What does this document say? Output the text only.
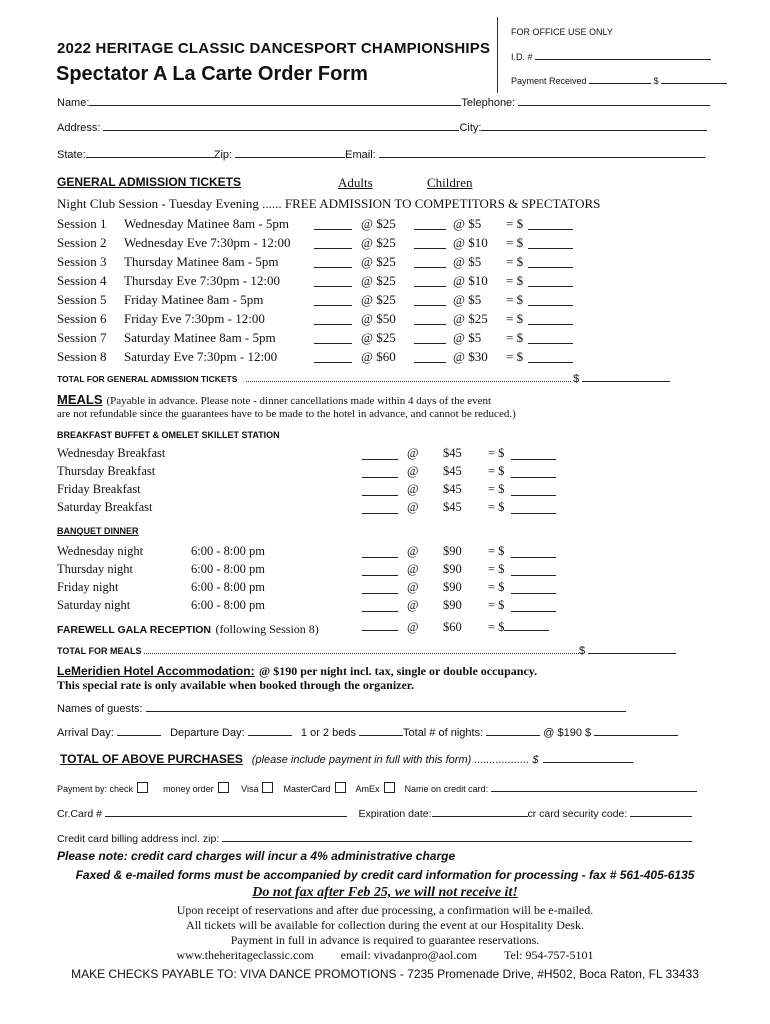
FOR OFFICE USE ONLY
I.D. #
Payment Received	$
2022 HERITAGE CLASSIC DANCESPORT CHAMPIONSHIPS
Spectator A La Carte Order Form
Name:	Telephone:
Address:	City:
State:	Zip:	Email:
GENERAL ADMISSION TICKETS	Adults	Children
Night Club Session - Tuesday Evening ...... FREE ADMISSION TO COMPETITORS & SPECTATORS
Session 1 Wednesday Matinee 8am - 5pm	@ $25	@ $5 = $
Session 2 Wednesday Eve 7:30pm - 12:00	@ $25	@ $10 = $
Session 3 Thursday Matinee 8am - 5pm	@ $25	@ $5 = $
Session 4 Thursday Eve 7:30pm - 12:00	@ $25	@ $10 = $
Session 5 Friday Matinee 8am - 5pm	@ $25	@ $5 = $
Session 6 Friday Eve 7:30pm - 12:00	@ $50	@ $25 = $
Session 7 Saturday Matinee 8am - 5pm	@ $25	@ $5 = $
Session 8 Saturday Eve 7:30pm - 12:00	@ $60	@ $30 = $
TOTAL FOR GENERAL ADMISSION TICKETS	$
MEALS (Payable in advance. Please note - dinner cancellations made within 4 days of the event
are not refundable since the guarantees have to be made to the hotel in advance, and cannot be reduced.)
BREAKFAST BUFFET & OMELET SKILLET STATION
Wednesday Breakfast	@ $45 = $
Thursday Breakfast	@ $45 = $
Friday Breakfast	@ $45 = $
Saturday Breakfast	@ $45 = $
BANQUET DINNER
Wednesday night	6:00 - 8:00 pm	@ $90 = $
Thursday night	6:00 - 8:00 pm	@ $90 = $
Friday night	6:00 - 8:00 pm	@ $90 = $
Saturday night	6:00 - 8:00 pm	@ $90 = $
FAREWELL GALA RECEPTION (following Session 8)	@ $60 = $
TOTAL FOR MEALS	$
LeMeridien Hotel Accommodation: @ $190 per night incl. tax, single or double occupancy.
This special rate is only available when booked through the organizer.
Names of guests:
Arrival Day:	Departure Day:	1 or 2 beds	Total # of nights:	@ $190 $
TOTAL OF ABOVE PURCHASES (please include payment in full with this form) .................. $
Payment by: check	money order	Visa	MasterCard	AmEx	Name on credit card:
Cr.Card #	Expiration date:	cr card security code:
Credit card billing address incl. zip:
Please note: credit card charges will incur a 4% administrative charge
Faxed & e-mailed forms must be accompanied by credit card information for processing - fax # 561-405-6135
Do not fax after Feb 25, we will not receive it!
Upon receipt of reservations and after due processing, a confirmation will be e-mailed.
All tickets will be available for collection during the event at our Hospitality Desk.
Payment in full in advance is required to guarantee reservations.
www.theheritageclassic.com email: vivadanpro@aol.com Tel: 954-757-5101
MAKE CHECKS PAYABLE TO: VIVA DANCE PROMOTIONS - 7235 Promenade Drive, #H502, Boca Raton, FL 33433
